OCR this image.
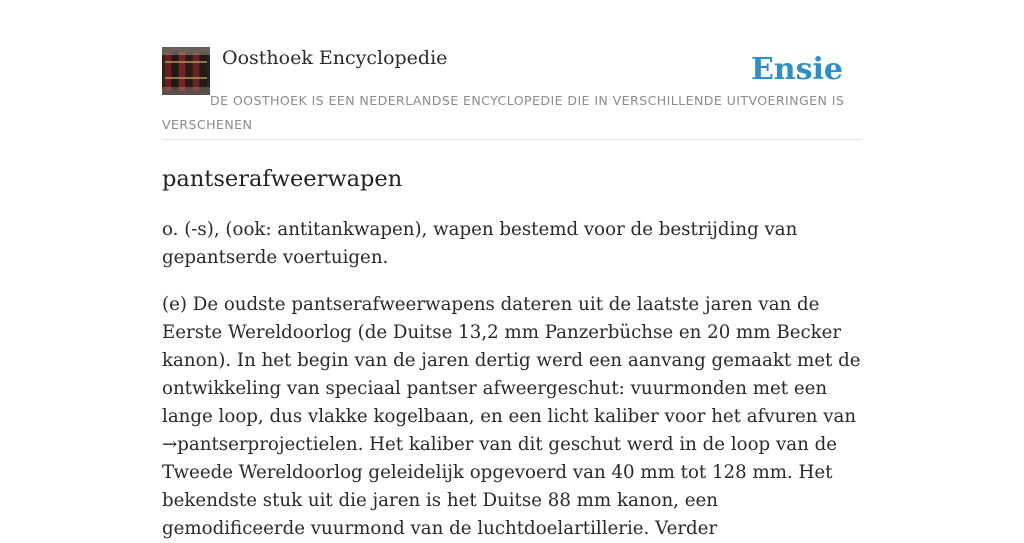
Oosthoek Encyclopedie	Ensie
DE OOSTHOEK IS EEN NEDERLANDSE ENCYCLOPEDIE DIE IN VERSCHILLENDE UITVOERINGEN IS VERSCHENEN
pantserafweerwapen

o. (-s), (ook: antitankwapen), wapen bestemd voor de bestrijding van gepantserde voertuigen.

(e) De oudste pantserafweerwapens dateren uit de laatste jaren van de Eerste Wereldoorlog (de Duitse 13,2 mm Panzerbüchse en 20 mm Becker kanon). In het begin van de jaren dertig werd een aanvang gemaakt met de ontwikkeling van speciaal pantser afweergeschut: vuurmonden met een lange loop, dus vlakke kogelbaan, en een licht kaliber voor het afvuren van →pantserprojectielen. Het kaliber van dit geschut werd in de loop van de Tweede Wereldoorlog geleidelijk opgevoerd van 40 mm tot 128 mm. Het bekendste stuk uit die jaren is het Duitse 88 mm kanon, een gemodificeerde vuurmond van de luchtdoelartillerie. Verder
